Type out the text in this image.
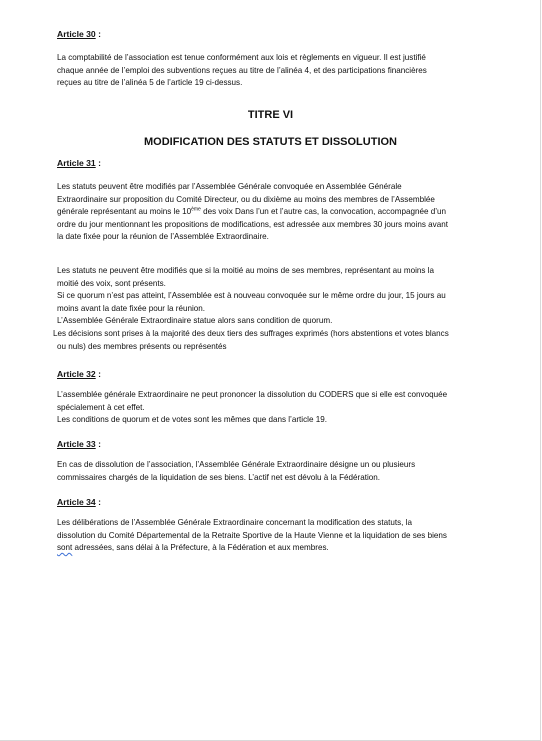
Article 30 :

La comptabilité de l’association est tenue conformément aux lois et règlements en vigueur. Il est justifié
chaque année de l’emploi des subventions reçues au titre de l’alinéa 4, et des participations financières
reçues au titre de l’alinéa 5 de l’article 19 ci-dessus.

TITRE VI

MODIFICATION DES STATUTS ET DISSOLUTION

Article 31 :

Les statuts peuvent être modifiés par l’Assemblée Générale convoquée en Assemblée Générale
Extraordinaire sur proposition du Comité Directeur, ou du dixième au moins des membres de l’Assemblée
générale représentant au moins le 10ème des voix Dans l’un et l’autre cas, la convocation, accompagnée d’un
ordre du jour mentionnant les propositions de modifications, est adressée aux membres 30 jours moins avant
la date fixée pour la réunion de l’Assemblée Extraordinaire.
Les statuts ne peuvent être modifiés que si la moitié au moins de ses membres, représentant au moins la
moitié des voix, sont présents.
Si ce quorum n’est pas atteint, l’Assemblée est à nouveau convoquée sur le même ordre du jour, 15 jours au
moins avant la date fixée pour la réunion.
L’Assemblée Générale Extraordinaire statue alors sans condition de quorum.
Les décisions sont prises à la majorité des deux tiers des suffrages exprimés (hors abstentions et votes blancs
ou nuls) des membres présents ou représentés

Article 32 :

L’assemblée générale Extraordinaire ne peut prononcer la dissolution du CODERS que si elle est convoquée
spécialement à cet effet.
Les conditions de quorum et de votes sont les mêmes que dans l’article 19.

Article 33 :

En cas de dissolution de l’association, l’Assemblée Générale Extraordinaire désigne un ou plusieurs
commissaires chargés de la liquidation de ses biens. L’actif net est dévolu à la Fédération.

Article 34 :

Les délibérations de l’Assemblée Générale Extraordinaire concernant la modification des statuts, la
dissolution du Comité Départemental de la Retraite Sportive de la Haute Vienne et la liquidation de ses biens
sont adressées, sans délai à la Préfecture, à la Fédération et aux membres.
